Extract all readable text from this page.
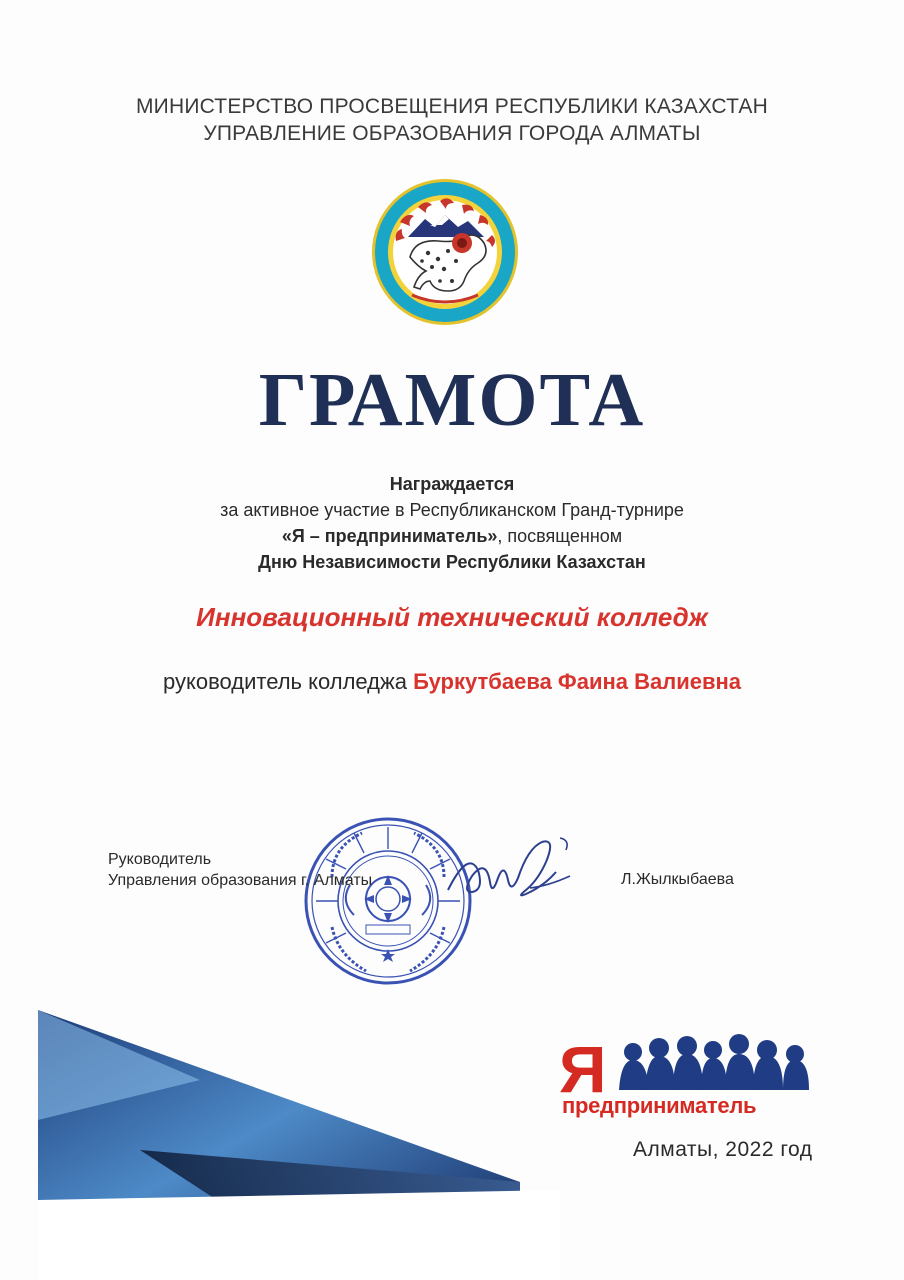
МИНИСТЕРСТВО ПРОСВЕЩЕНИЯ РЕСПУБЛИКИ КАЗАХСТАН
УПРАВЛЕНИЕ ОБРАЗОВАНИЯ ГОРОДА АЛМАТЫ
ГРАМОТА
Награждается
за активное участие в Республиканском Гранд-турнире
«Я – предприниматель», посвященном
Дню Независимости Республики Казахстан
Инновационный технический колледж
руководитель колледжа Буркутбаева Фаина Валиевна
Руководитель
Управления образования г. Алматы	Л.Жылкыбаева
Я
предприниматель
Алматы, 2022 год
